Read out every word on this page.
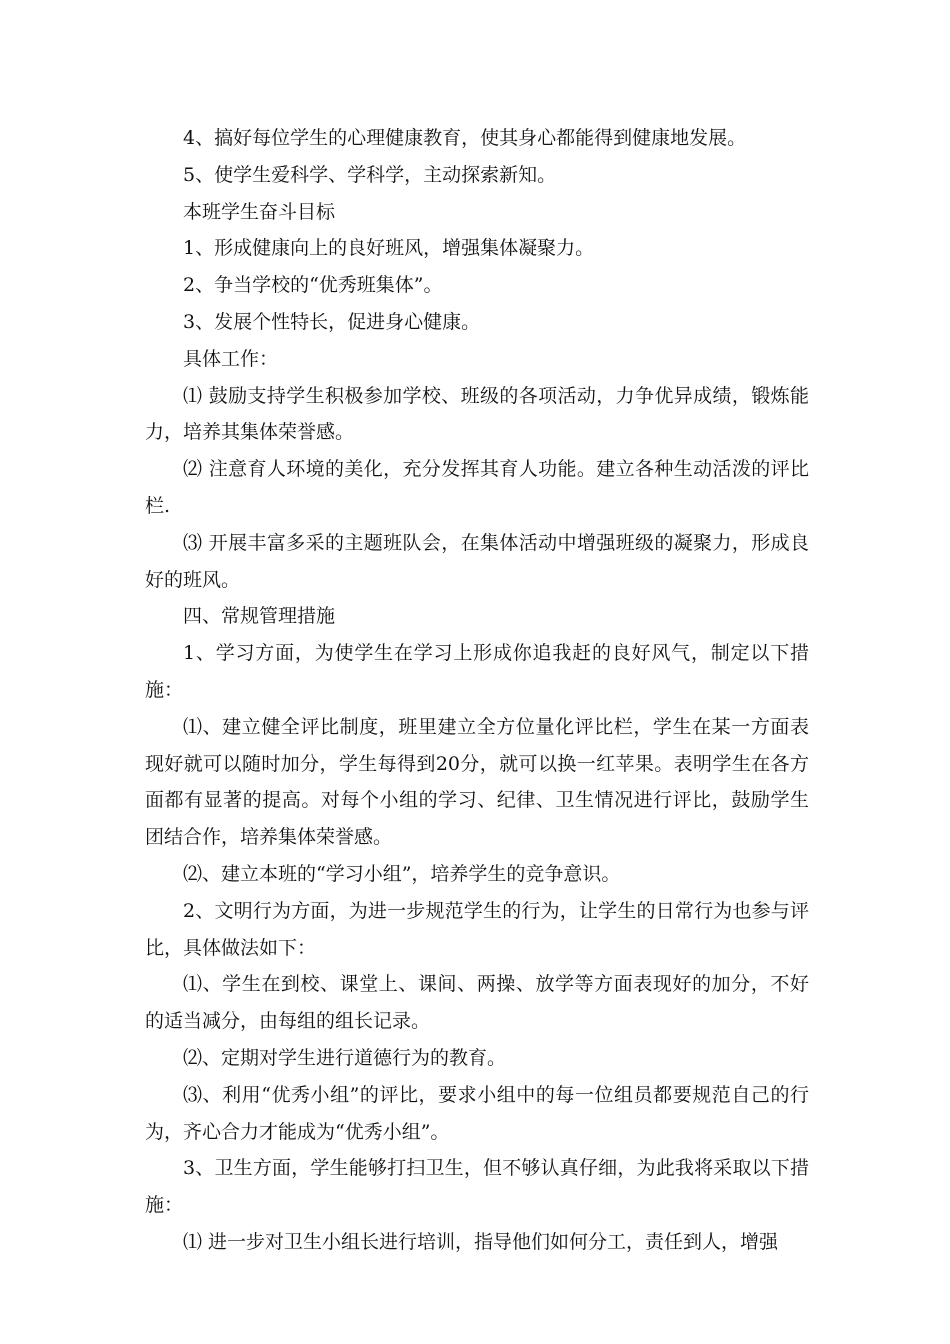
4、搞好每位学生的心理健康教育，使其身心都能得到健康地发展。

5、使学生爱科学、学科学，主动探索新知。

本班学生奋斗目标

1、形成健康向上的良好班风，增强集体凝聚力。

2、争当学校的“优秀班集体”。

3、发展个性特长，促进身心健康。

具体工作：

⑴ 鼓励支持学生积极参加学校、班级的各项活动，力争优异成绩，锻炼能力，培养其集体荣誉感。

⑵ 注意育人环境的美化，充分发挥其育人功能。建立各种生动活泼的评比栏.

⑶ 开展丰富多采的主题班队会，在集体活动中增强班级的凝聚力，形成良好的班风。

四、常规管理措施

1、学习方面，为使学生在学习上形成你追我赶的良好风气，制定以下措施：

⑴、建立健全评比制度，班里建立全方位量化评比栏，学生在某一方面表现好就可以随时加分，学生每得到20分，就可以换一红苹果。表明学生在各方面都有显著的提高。对每个小组的学习、纪律、卫生情况进行评比，鼓励学生团结合作，培养集体荣誉感。

⑵、建立本班的“学习小组”，培养学生的竞争意识。

2、文明行为方面，为进一步规范学生的行为，让学生的日常行为也参与评比，具体做法如下：

⑴、学生在到校、课堂上、课间、两操、放学等方面表现好的加分，不好的适当减分，由每组的组长记录。

⑵、定期对学生进行道德行为的教育。

⑶、利用“优秀小组”的评比，要求小组中的每一位组员都要规范自己的行为，齐心合力才能成为“优秀小组”。

3、卫生方面，学生能够打扫卫生，但不够认真仔细，为此我将采取以下措施：

⑴ 进一步对卫生小组长进行培训，指导他们如何分工，责任到人，增强
